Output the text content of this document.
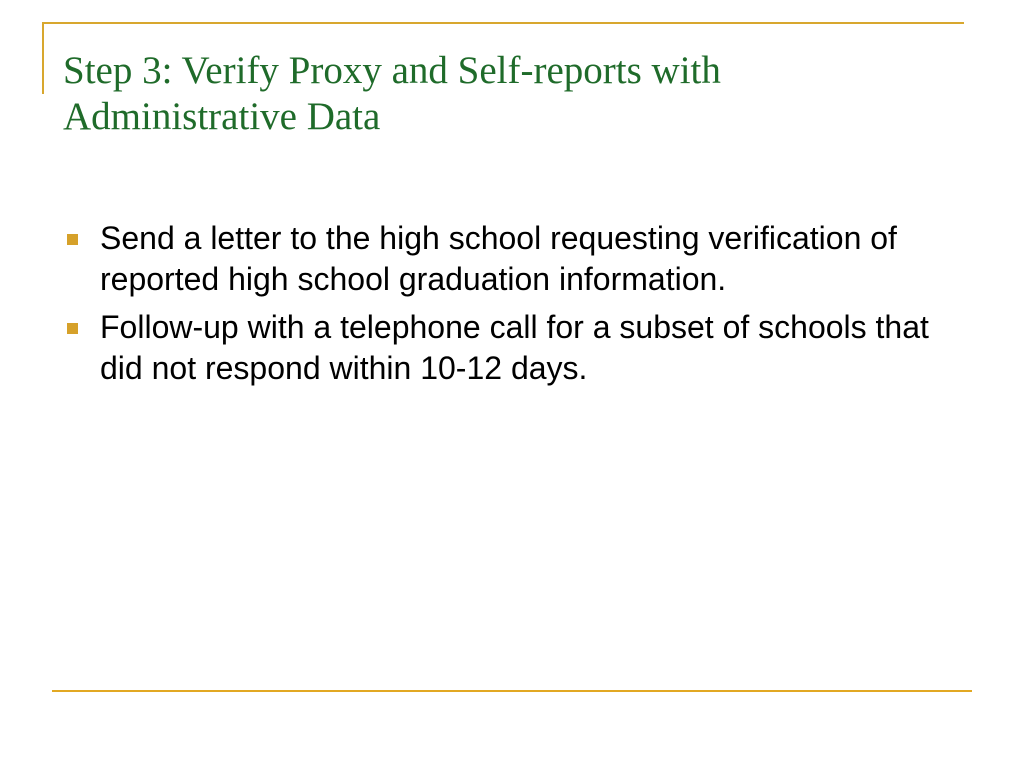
Step 3: Verify Proxy and Self-reports with
Administrative Data
Send a letter to the high school requesting verification of reported high school graduation information.
Follow-up with a telephone call for a subset of schools that did not respond within 10-12 days.
